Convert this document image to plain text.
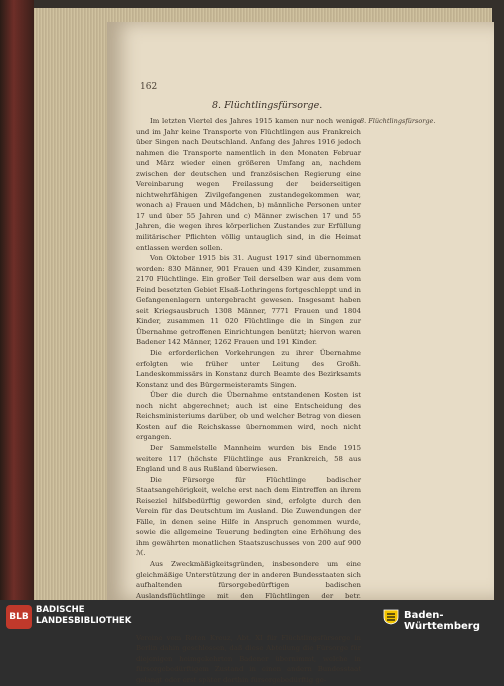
162
8. Flüchtlingsfürsorge.
8. Flüchtlingsfürsorge.

Im letzten Viertel des Jahres 1915 kamen nur noch wenige und im Jahr keine Transporte von Flüchtlingen aus Frankreich über Singen nach Deutschland. Anfang des Jahres 1916 jedoch nahmen die Transporte namentlich in den Monaten Februar und März wieder einen größeren Umfang an, nachdem zwischen der deutschen und französischen Regierung eine Vereinbarung wegen Freilassung der beiderseitigen nichtwehrfähigen Zivilgefangenen zustandegekommen war, wonach a) Frauen und Mädchen, b) männliche Personen unter 17 und über 55 Jahren und c) Männer zwischen 17 und 55 Jahren, die wegen ihres körperlichen Zustandes zur Erfüllung militärischer Pflichten völlig untauglich sind, in die Heimat entlassen werden sollen.

Von Oktober 1915 bis 31. August 1917 sind übernommen worden: 830 Männer, 901 Frauen und 439 Kinder, zusammen 2170 Flüchtlinge. Ein großer Teil derselben war aus dem vom Feind besetzten Gebiet Elsaß-Lothringens fortgeschleppt und in Gefangenenlagern untergebracht gewesen. Insgesamt haben seit Kriegsausbruch 1308 Männer, 7771 Frauen und 1804 Kinder, zusammen 11 020 Flüchtlinge die in Singen zur Übernahme getroffenen Einrichtungen benützt; hiervon waren Badener 142 Männer, 1262 Frauen und 191 Kinder.

Die erforderlichen Vorkehrungen zu ihrer Übernahme erfolgten wie früher unter Leitung des Großh. Landeskommissärs in Konstanz durch Beamte des Bezirksamts Konstanz und des Bürgermeisteramts Singen.

Über die durch die Übernahme entstandenen Kosten ist noch nicht abgerechnet; auch ist eine Entscheidung des Reichsministeriums darüber, ob und welcher Betrag von diesen Kosten auf die Reichskasse übernommen wird, noch nicht ergangen.

Der Sammelstelle Mannheim wurden bis Ende 1915 weitere 117 (höchste Flüchtlinge aus Frankreich, 58 aus England und 8 aus Rußland überwiesen.

Die Fürsorge für Flüchtlinge badischer Staatsangehörigkeit, welche erst nach dem Eintreffen an ihrem Reiseziel hilfsbedürftig geworden sind, erfolgte durch den Verein für das Deutschtum im Ausland. Die Zuwendungen der Fälle, in denen seine Hilfe in Anspruch genommen wurde, sowie die allgemeine Teuerung bedingten eine Erhöhung des ihm gewährten monatlichen Staatszuschusses von 200 auf 900 ℳ.

Aus Zweckmäßigkeitsgründen, insbesondere um eine gleichmäßige Unterstützung der in anderen Bundesstaaten sich aufhaltenden fürsorgebedürftigen badischen Auslandsflüchtlinge mit den Flüchtlingen der betr. Vereine vom Roten Kreuz, Abt. XI für Flüchtlingsfürsorge in Berlin dahin geschlossen, daß diese Abteilung die Fürsorge für diejenigen heimgekehrten Badener übernimmt, welche in fürsorgebedürftigem Zustand in einen andern Bundesstaat gelangt oder erst später dorthin fürsorgebedürftig ge-

BLB
BADISCHE
LANDESBIBLIOTHEK	Baden-Württemberg
